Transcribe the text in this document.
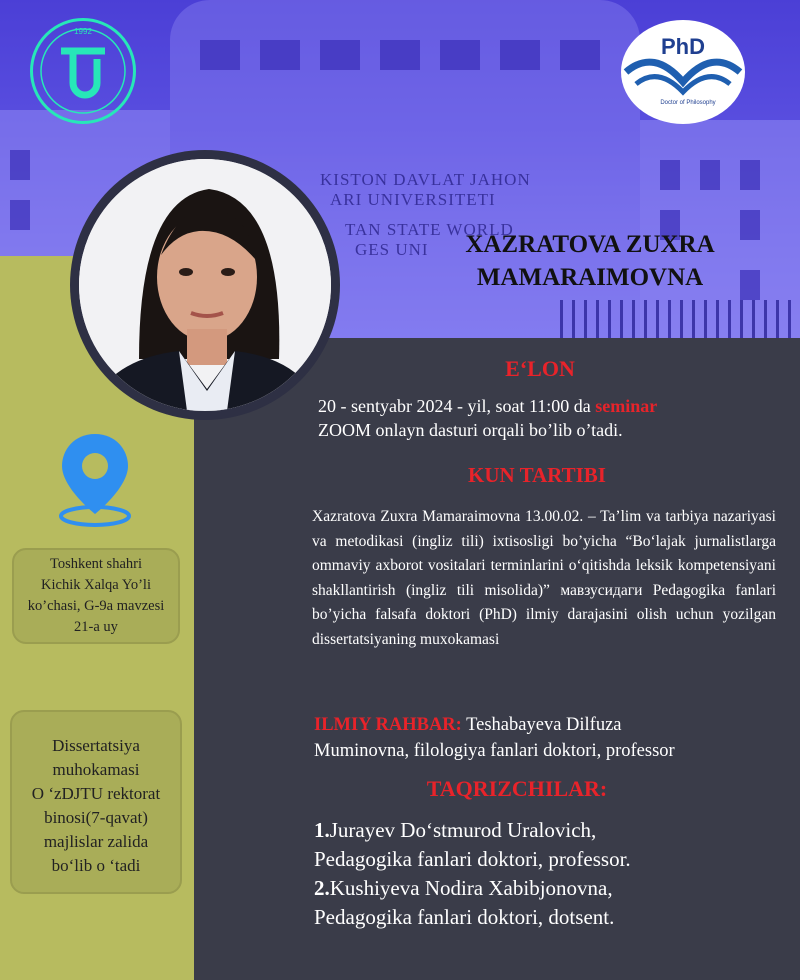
KISTON DAVLAT JAHON
ARI UNIVERSITETI
TAN STATE WORLD
GES UNI
1992
PhD
Doctor of Philosophy
XAZRATOVA ZUXRA
MAMARAIMOVNA
E‘LON
20 - sentyabr 2024 - yil, soat 11:00 da seminar
ZOOM onlayn dasturi orqali bo’lib o’tadi.
KUN TARTIBI
Xazratova Zuxra Mamaraimovna 13.00.02. – Ta’lim va tarbiya nazariyasi va metodikasi (ingliz tili) ixtisosligi bo’yicha “Bo‘lajak jurnalistlarga ommaviy axborot vositalari terminlarini o‘qitishda leksik kompetensiyani shakllantirish (ingliz tili misolida)” мавзусидаги Pedagogika fanlari bo’yicha falsafa doktori (PhD) ilmiy darajasini olish uchun yozilgan dissertatsiyaning muxokamasi
ILMIY RAHBAR: Teshabayeva Dilfuza
Muminovna, filologiya fanlari doktori, professor
TAQRIZCHILAR:
1.Jurayev Do‘stmurod Uralovich,
Pedagogika fanlari doktori, professor.
2.Kushiyeva Nodira Xabibjonovna,
Pedagogika fanlari doktori, dotsent.
Toshkent shahri
Kichik Xalqa Yo’li
ko’chasi, G-9a mavzesi
21-a uy
Dissertatsiya
muhokamasi
O ‘zDJTU rektorat
binosi(7-qavat)
majlislar zalida
bo‘lib o ‘tadi
